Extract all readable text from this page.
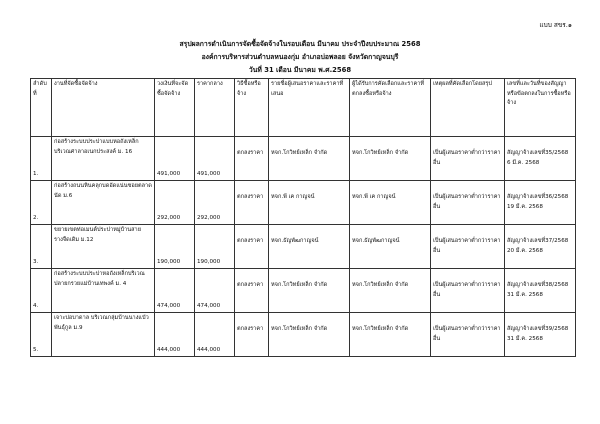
แบบ สขร.๑
สรุปผลการดำเนินการจัดซื้อจัดจ้างในรอบเดือน มีนาคม ประจำปีงบประมาณ 2568
องค์การบริหารส่วนตำบลหนองกุ่ม อำเภอบ่อพลอย จังหวัดกาญจนบุรี
วันที่ 31 เดือน มีนาคม พ.ศ.2568
ลำดับที่	งานที่จัดซื้อจัดจ้าง	วงเงินที่จะจัดซื้อจัดจ้าง	ราคากลาง	วิธีซื้อหรือจ้าง	รายชื่อผู้เสนอราคาและราคาที่เสนอ	ผู้ได้รับการคัดเลือกและราคาที่ตกลงซื้อหรือจ้าง	เหตุผลที่คัดเลือกโดยสรุป	เลขที่และวันที่ของสัญญาหรือข้อตกลงในการซื้อหรือจ้าง
1.	ก่อสร้างระบบประปาแบบหอถังเหล็กบริเวณศาลาอเนกประสงค์ ม. 16	491,000	491,000	ตกลงราคา	หจก.โกวิทย์เหล็ก จำกัด	หจก.โกวิทย์เหล็ก จำกัด	เป็นผู้เสนอราคาต่ำกว่าราคาอื่น	สัญญาจ้างเลขที่35/2568 6 มี.ค. 2568
2.	ก่อสร้างถนนหินคลุกบดอัดแน่นซอยตลาดนัด ม.6	292,000	292,000	ตกลงราคา	หจก.พี เค กาญจน์	หจก.พี เค กาญจน์	เป็นผู้เสนอราคาต่ำกว่าราคาอื่น	สัญญาจ้างเลขที่36/2568 19 มี.ค. 2568
3.	ขยายเขตท่อเมนต์ประปาหมู่บ้านสายรางจืดเดิม ม.12	190,000	190,000	ตกลงราคา	หจก.ธัญพัฒกาญจน์	หจก.ธัญพัฒกาญจน์	เป็นผู้เสนอราคาต่ำกว่าราคาอื่น	สัญญาจ้างเลขที่37/2568 20 มี.ค. 2568
4.	ก่อสร้างระบบประปาหอถังเหล็กบริเวณปลายกรวยแม่บ้านเทพงค์ ม. 4	474,000	474,000	ตกลงราคา	หจก.โกวิทย์เหล็ก จำกัด	หจก.โกวิทย์เหล็ก จำกัด	เป็นผู้เสนอราคาต่ำกว่าราคาอื่น	สัญญาจ้างเลขที่38/2568 31 มี.ค. 2568
5.	เจาะบ่อบาดาล บริเวณกลุ่มบ้านนางแป๋ว พันธุ์กูล ม.9	444,000	444,000	ตกลงราคา	หจก.โกวิทย์เหล็ก จำกัด	หจก.โกวิทย์เหล็ก จำกัด	เป็นผู้เสนอราคาต่ำกว่าราคาอื่น	สัญญาจ้างเลขที่39/2568 31 มี.ค. 2568
